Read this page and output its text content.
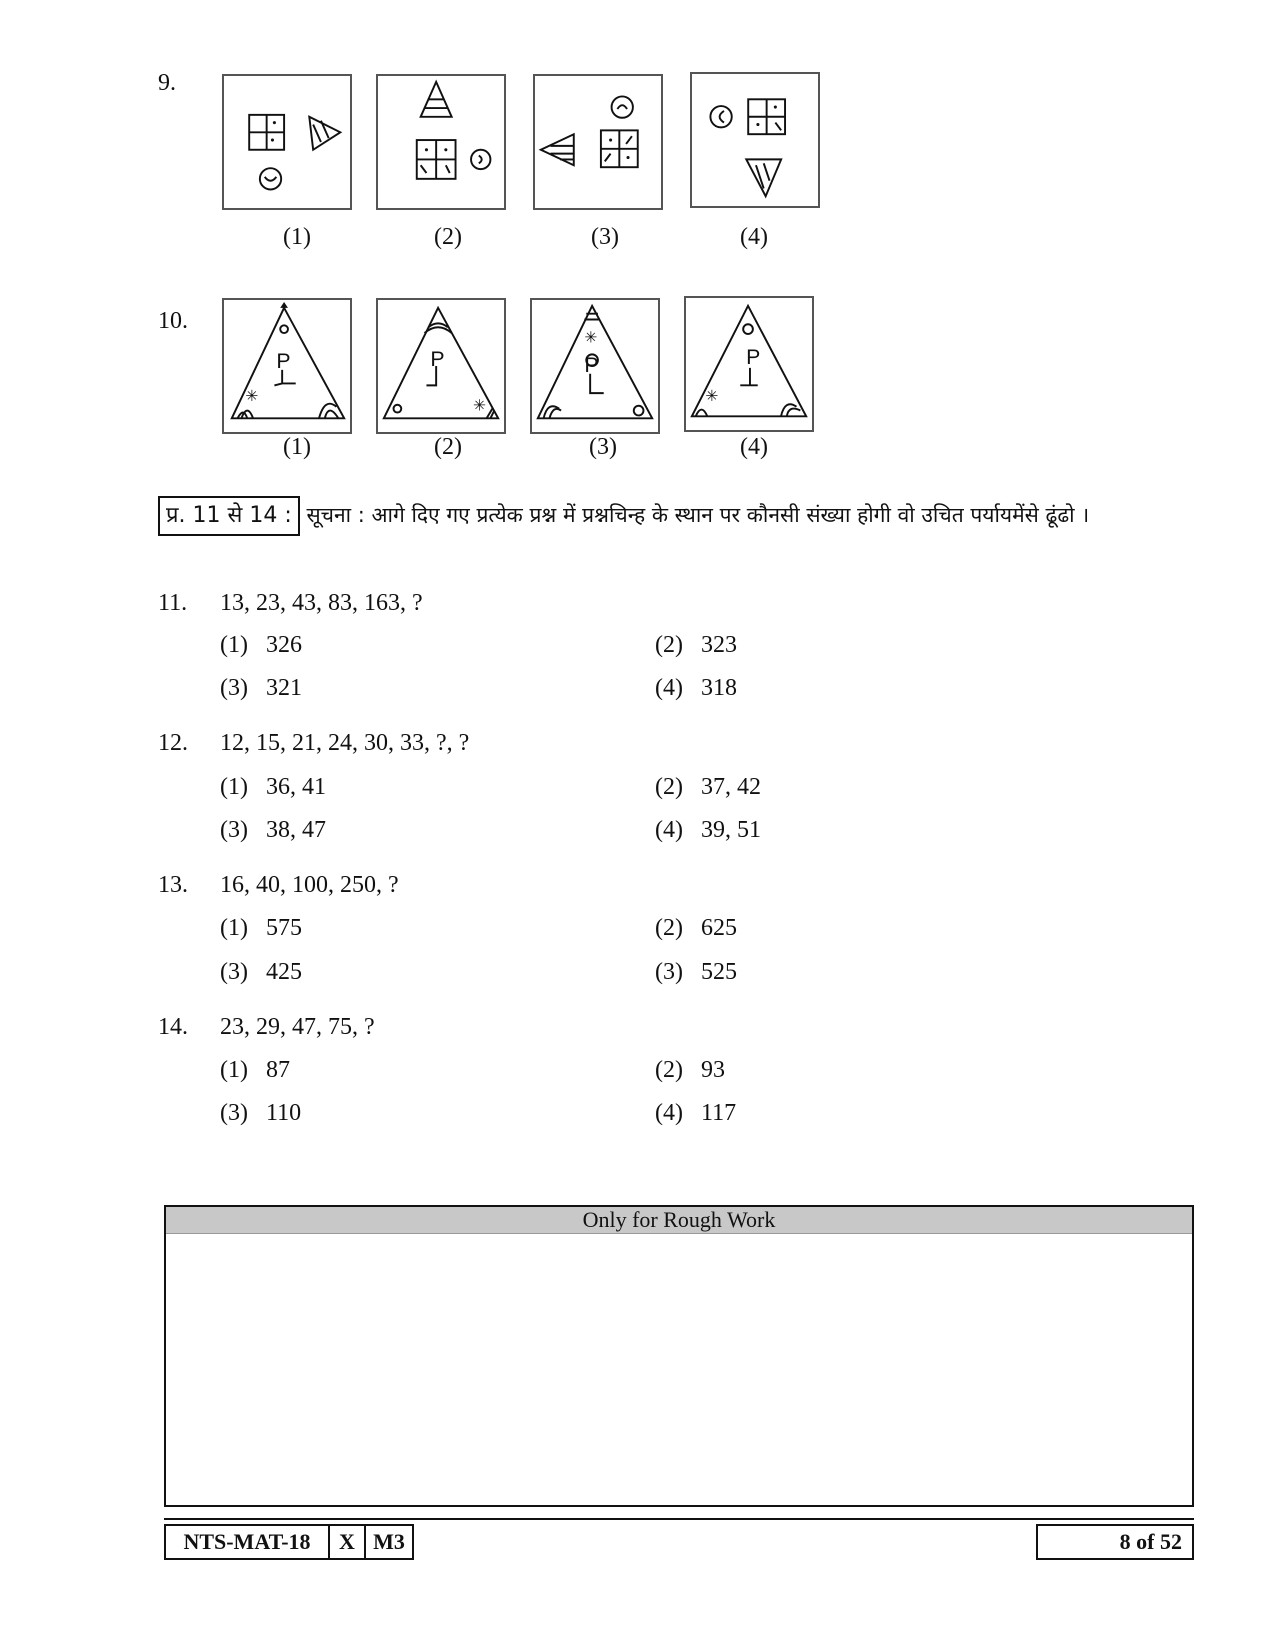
9.
(1)	(2)	(3)	(4)
10.
P
✳
P
✳
✳
P	P
✳
(1)	(2)	(3)	(4)
प्र. 11 से 14 : सूचना : आगे दिए गए प्रत्येक प्रश्न में प्रश्नचिन्ह के स्थान पर कौनसी संख्या होगी वो उचित पर्यायमेंसे ढूंढो ।
11. 13, 23, 43, 83, 163, ?
(1) 326	(2) 323
(3) 321	(4) 318
12. 12, 15, 21, 24, 30, 33, ?, ?
(1) 36, 41	(2) 37, 42
(3) 38, 47	(4) 39, 51
13. 16, 40, 100, 250, ?
(1) 575	(2) 625
(3) 425	(3) 525
14. 23, 29, 47, 75, ?
(1) 87	(2) 93
(3) 110	(4) 117
Only for Rough Work
NTS-MAT-18	X M3	8 of 52
